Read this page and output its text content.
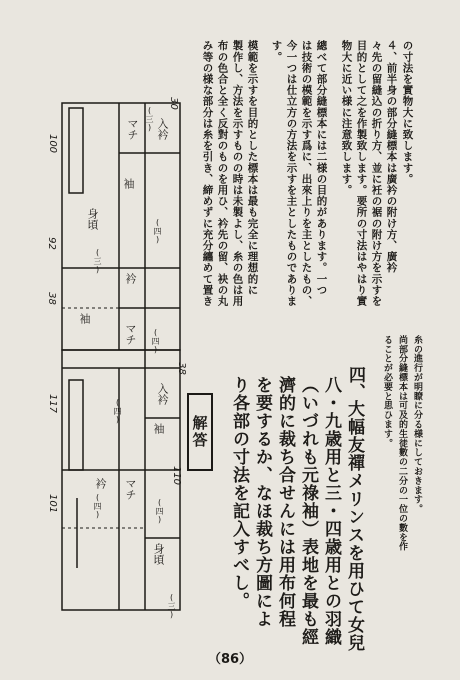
の寸法を實物大に致します。
４、前半身の部分縫標本は廣衿の附け方、廣衿
々先の留縫込の折り方、並に衽の裾の附け方を示すを
目的として之を作製致します。要所の寸法はやはり實
物大に近い様に注意致します。
總べて部分縫標本には二様の目的があります。一つ
は技術の模範を示す爲に、出來上りを主としたもの、
今一つは仕立方の方法を示すを主としたものでありま
す。
模範を示すを目的とした標本は最も完全に理想的に
製作し、方法を示すものの時は未製よし、糸の色は用
布の色合と全く反對のものを用ひ、衿先の留、袂の丸
み等の様な部分は糸を引き、締めずに充分纏めて置き
糸の進行が明瞭に分る様にしておきます。
尚部分縫標本は可及的生徒數の二分の一位の數を作
ることが必要と思ひます。
四、
大幅友禪メリンスを用ひて女兒
八・九歳用と三・四歳用との羽織
（いづれも元祿袖）表地を最も經
濟的に裁ち合せんには用布何程
を要するか、なほ裁ち方圖によ
り各部の寸法を記入すべし。
解答
入衿
マチ
袖
身頃
衿
袖
マチ
袖
入衿
マチ
衿
身頃
(三)
(三)
(四)
(四)
(四)
(四)	(四)
(三)
30
100
92
38
38
117
110
101
（86）
